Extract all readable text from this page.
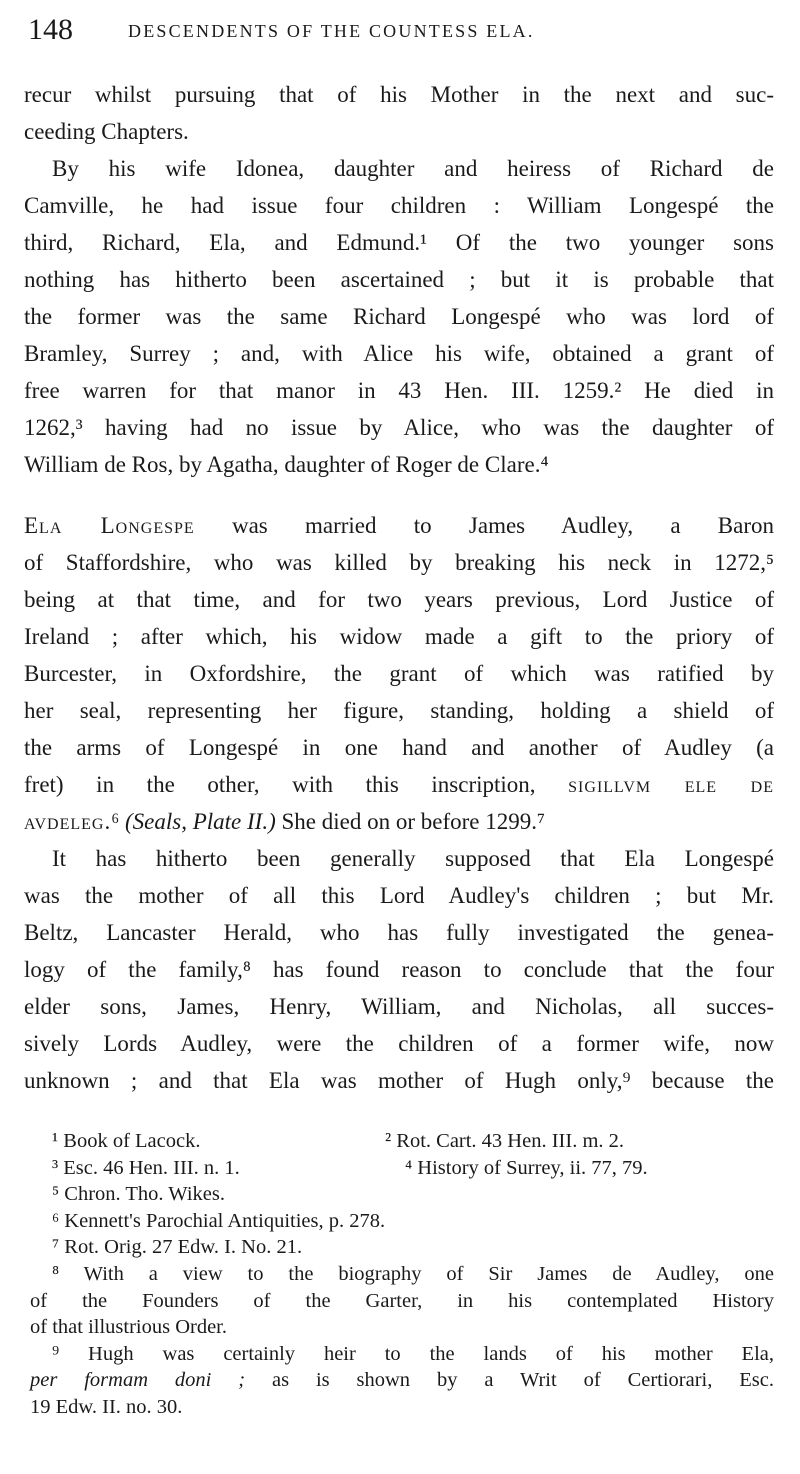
148	DESCENDENTS OF THE COUNTESS ELA.
recur whilst pursuing that of his Mother in the next and suc-
ceeding Chapters.
By his wife Idonea, daughter and heiress of Richard de
Camville, he had issue four children : William Longespé the
third, Richard, Ela, and Edmund.¹ Of the two younger sons
nothing has hitherto been ascertained ; but it is probable that
the former was the same Richard Longespé who was lord of
Bramley, Surrey ; and, with Alice his wife, obtained a grant of
free warren for that manor in 43 Hen. III. 1259.² He died in
1262,³ having had no issue by Alice, who was the daughter of
William de Ros, by Agatha, daughter of Roger de Clare.⁴
Ela Longespe was married to James Audley, a Baron
of Staffordshire, who was killed by breaking his neck in 1272,⁵
being at that time, and for two years previous, Lord Justice of
Ireland ; after which, his widow made a gift to the priory of
Burcester, in Oxfordshire, the grant of which was ratified by
her seal, representing her figure, standing, holding a shield of
the arms of Longespé in one hand and another of Audley (a
fret) in the other, with this inscription, sigillvm ele de
avdeleg.⁶ (Seals, Plate II.) She died on or before 1299.⁷
It has hitherto been generally supposed that Ela Longespé
was the mother of all this Lord Audley's children ; but Mr.
Beltz, Lancaster Herald, who has fully investigated the genea-
logy of the family,⁸ has found reason to conclude that the four
elder sons, James, Henry, William, and Nicholas, all succes-
sively Lords Audley, were the children of a former wife, now
unknown ; and that Ela was mother of Hugh only,⁹ because the
¹ Book of Lacock.	² Rot. Cart. 43 Hen. III. m. 2.
³ Esc. 46 Hen. III. n. 1.	⁴ History of Surrey, ii. 77, 79.
⁵ Chron. Tho. Wikes.
⁶ Kennett's Parochial Antiquities, p. 278.
⁷ Rot. Orig. 27 Edw. I. No. 21.
⁸ With a view to the biography of Sir James de Audley, one
of the Founders of the Garter, in his contemplated History
of that illustrious Order.
⁹ Hugh was certainly heir to the lands of his mother Ela,
per formam doni ; as is shown by a Writ of Certiorari, Esc.
19 Edw. II. no. 30.
